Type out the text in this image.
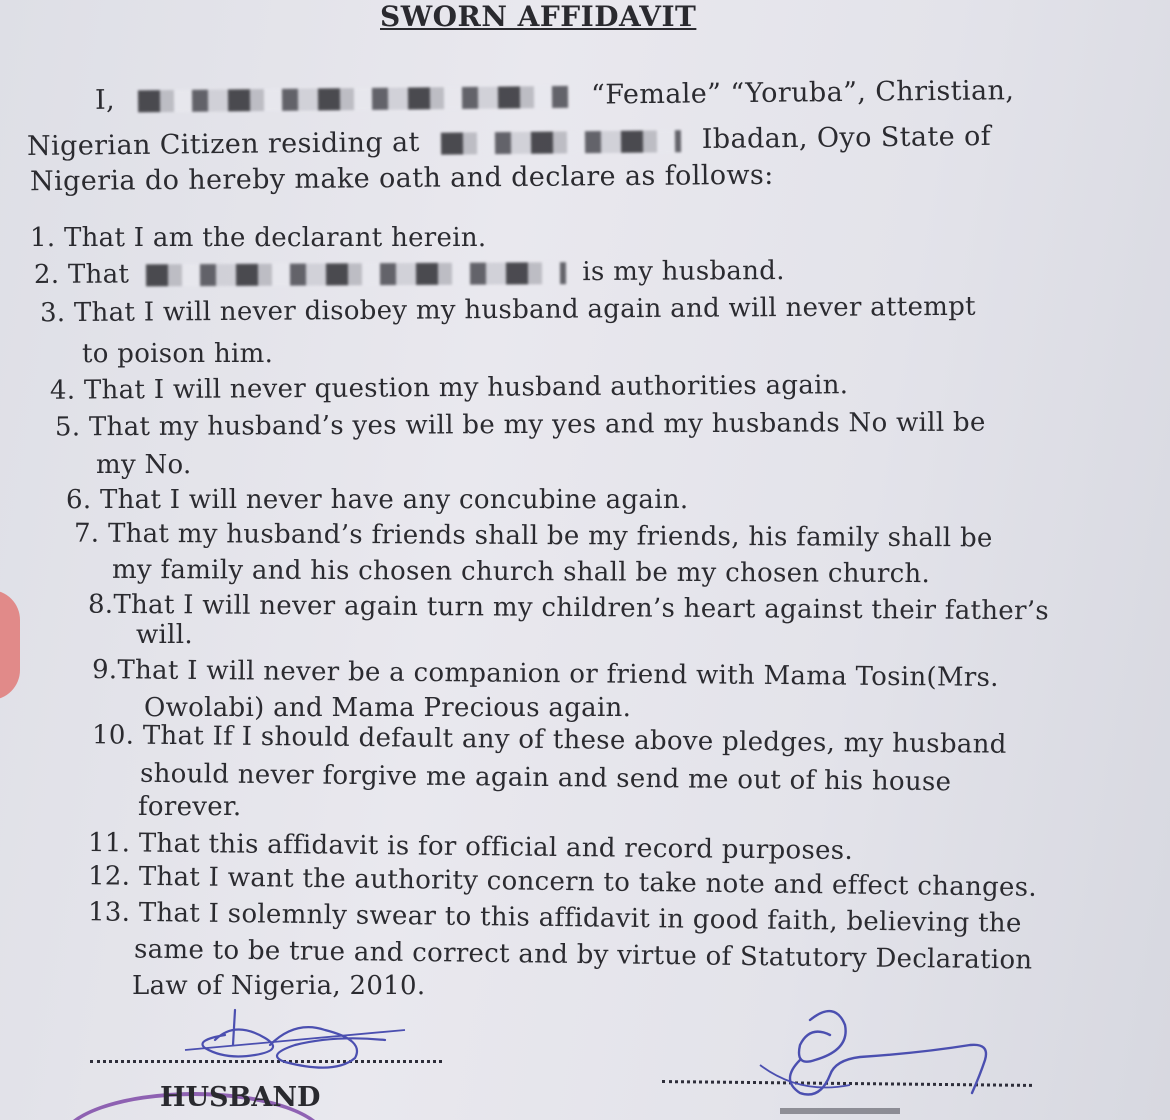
SWORN AFFIDAVIT
I,	“Female” “Yoruba”, Christian,
Nigerian Citizen residing at	Ibadan, Oyo State of
Nigeria do hereby make oath and declare as follows:
1. That I am the declarant herein.
2. That	is my husband.
3. That I will never disobey my husband again and will never attempt
to poison him.
4. That I will never question my husband authorities again.
5. That my husband’s yes will be my yes and my husbands No will be
my No.
6. That I will never have any concubine again.
7. That my husband’s friends shall be my friends, his family shall be
my family and his chosen church shall be my chosen church.
8.That I will never again turn my children’s heart against their father’s
will.
9.That I will never be a companion or friend with Mama Tosin(Mrs.
Owolabi) and Mama Precious again.
10. That If I should default any of these above pledges, my husband
should never forgive me again and send me out of his house
forever.
11. That this affidavit is for official and record purposes.
12. That I want the authority concern to take note and effect changes.
13. That I solemnly swear to this affidavit in good faith, believing the
same to be true and correct and by virtue of Statutory Declaration
Law of Nigeria, 2010.
HUSBAND
